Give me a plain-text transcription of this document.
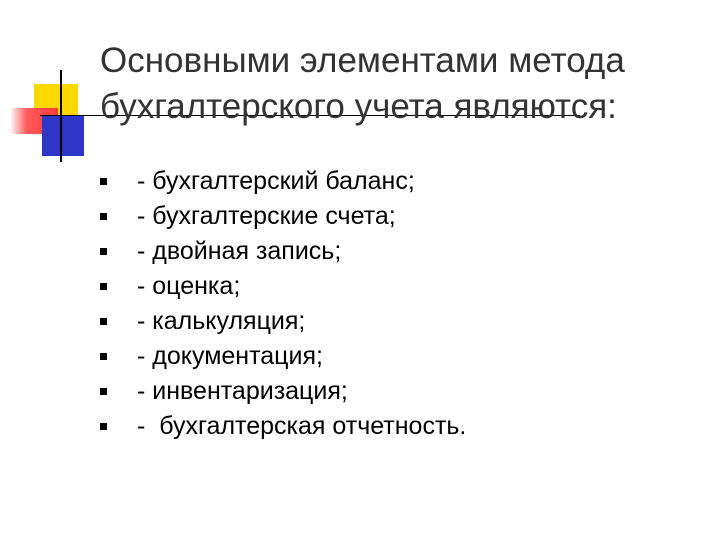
Основными элементами метода бухгалтерского учета являются:
- бухгалтерский баланс;
- бухгалтерские счета;
- двойная запись;
- оценка;
- калькуляция;
- документация;
- инвентаризация;
-  бухгалтерская отчетность.
